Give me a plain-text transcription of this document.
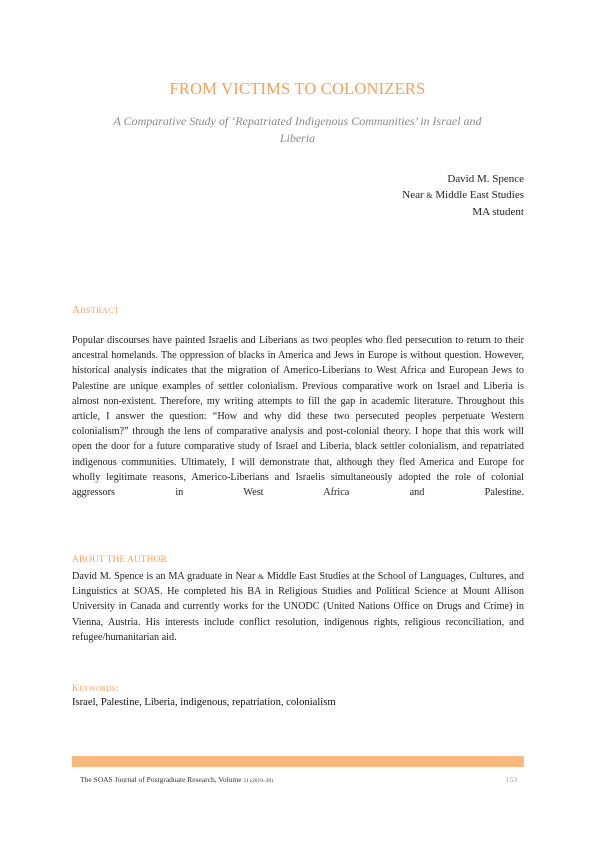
FROM VICTIMS TO COLONIZERS

A Comparative Study of ‘Repatriated Indigenous Communities’ in Israel and Liberia

David M. Spence
Near & Middle East Studies
MA student
Abstract

Popular discourses have painted Israelis and Liberians as two peoples who fled persecution to return to their ancestral homelands. The oppression of blacks in America and Jews in Europe is without question. However, historical analysis indicates that the migration of Americo-Liberians to West Africa and European Jews to Palestine are unique examples of settler colonialism. Previous comparative work on Israel and Liberia is almost non-existent. Therefore, my writing attempts to fill the gap in academic literature. Throughout this article, I answer the question: “How and why did these two persecuted peoples perpetuate Western colonialism?” through the lens of comparative analysis and post-colonial theory. I hope that this work will open the door for a future comparative study of Israel and Liberia, black settler colonialism, and repatriated indigenous communities. Ultimately, I will demonstrate that, although they fled America and Europe for wholly legitimate reasons, Americo-Liberians and Israelis simultaneously adopted the role of colonial aggressors in West Africa and Palestine.

ABOUT THE AUTHOR

David M. Spence is an MA graduate in Near & Middle East Studies at the School of Languages, Cultures, and Linguistics at SOAS. He completed his BA in Religious Studies and Political Science at Mount Allison University in Canada and currently works for the UNODC (United Nations Office on Drugs and Crime) in Vienna, Austria. His interests include conflict resolution, indigenous rights, religious reconciliation, and refugee/humanitarian aid.

Keywords:

Israel, Palestine, Liberia, indigenous, repatriation, colonialism

The SOAS Journal of Postgraduate Research, Volume 11 (2019–20)	153
